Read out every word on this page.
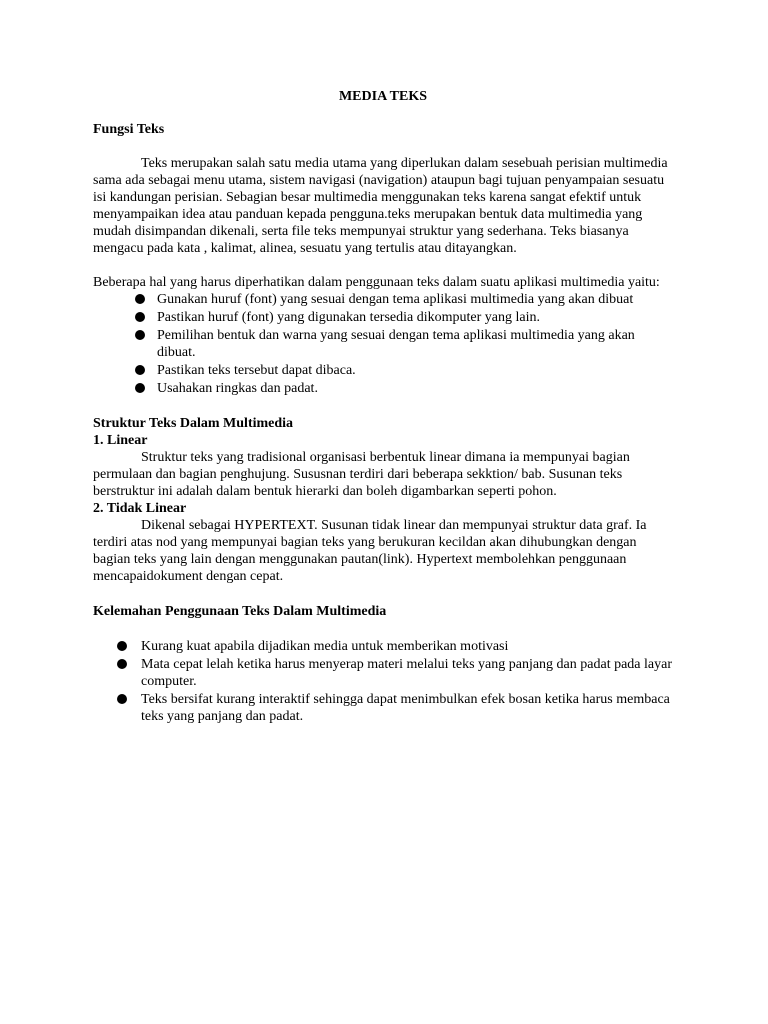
MEDIA TEKS

Fungsi Teks

Teks merupakan salah satu media utama yang diperlukan dalam sesebuah perisian multimedia sama ada sebagai menu utama, sistem navigasi (navigation) ataupun bagi tujuan penyampaian sesuatu isi kandungan perisian. Sebagian besar multimedia menggunakan teks karena sangat efektif untuk menyampaikan idea atau panduan kepada pengguna.teks merupakan bentuk data multimedia yang mudah disimpandan dikenali, serta file teks mempunyai struktur yang sederhana. Teks biasanya mengacu pada kata , kalimat, alinea, sesuatu yang tertulis atau ditayangkan.

Beberapa hal yang harus diperhatikan dalam penggunaan teks dalam suatu aplikasi multimedia yaitu:

Gunakan huruf (font) yang sesuai dengan tema aplikasi multimedia yang akan dibuat
Pastikan huruf (font) yang digunakan tersedia dikomputer yang lain.
Pemilihan bentuk dan warna yang sesuai dengan tema aplikasi multimedia yang akan dibuat.
Pastikan teks tersebut dapat dibaca.
Usahakan ringkas dan padat.

Struktur Teks Dalam Multimedia

1. Linear

Struktur teks yang tradisional organisasi berbentuk linear dimana ia mempunyai bagian permulaan dan bagian penghujung. Sususnan terdiri dari beberapa sekktion/ bab. Susunan teks berstruktur ini adalah dalam bentuk hierarki dan boleh digambarkan seperti pohon.

2. Tidak Linear

Dikenal sebagai HYPERTEXT. Susunan tidak linear dan mempunyai struktur data graf. Ia terdiri atas nod yang mempunyai bagian teks yang berukuran kecildan akan dihubungkan dengan bagian teks yang lain dengan menggunakan pautan(link). Hypertext membolehkan penggunaan mencapaidokument dengan cepat.

Kelemahan Penggunaan Teks Dalam Multimedia

Kurang kuat apabila dijadikan media untuk memberikan motivasi
Mata cepat lelah ketika harus menyerap materi melalui teks yang panjang dan padat pada layar computer.
Teks bersifat kurang interaktif sehingga dapat menimbulkan efek bosan ketika harus membaca teks yang panjang dan padat.
